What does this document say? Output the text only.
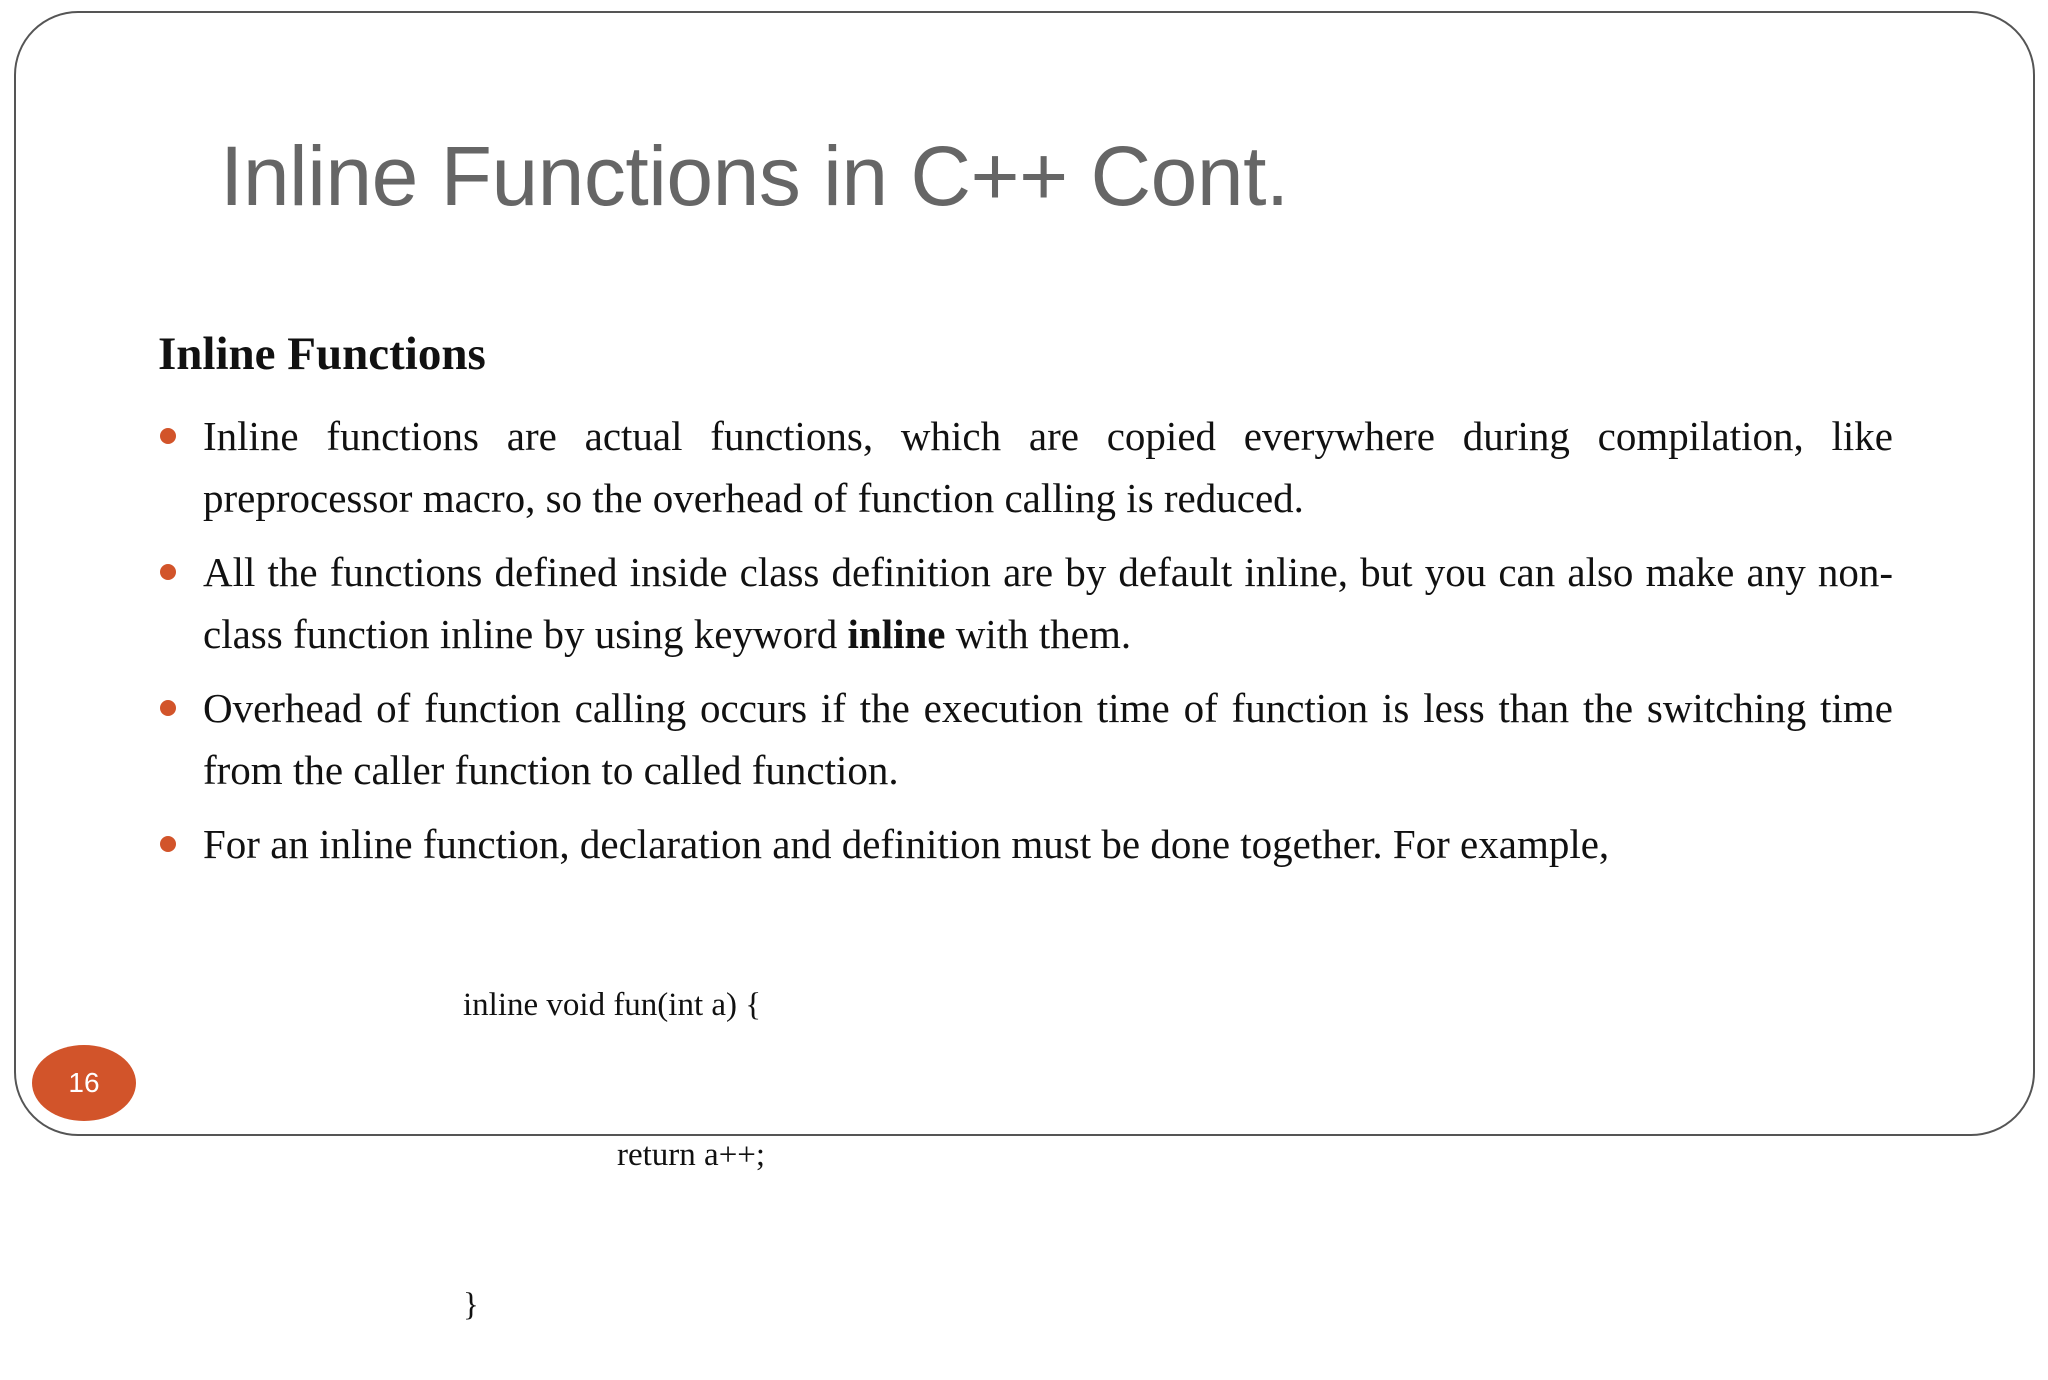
Inline Functions in C++ Cont.
Inline Functions
Inline functions are actual functions, which are copied everywhere during compilation, like preprocessor macro, so the overhead of function calling is reduced.
All the functions defined inside class definition are by default inline, but you can also make any non-class function inline by using keyword inline with them.
Overhead of function calling occurs if the execution time of function is less than the switching time from the caller function to called function.
For an inline function, declaration and definition must be done together. For example,

inline void fun(int a) {

return a++;

}

16
